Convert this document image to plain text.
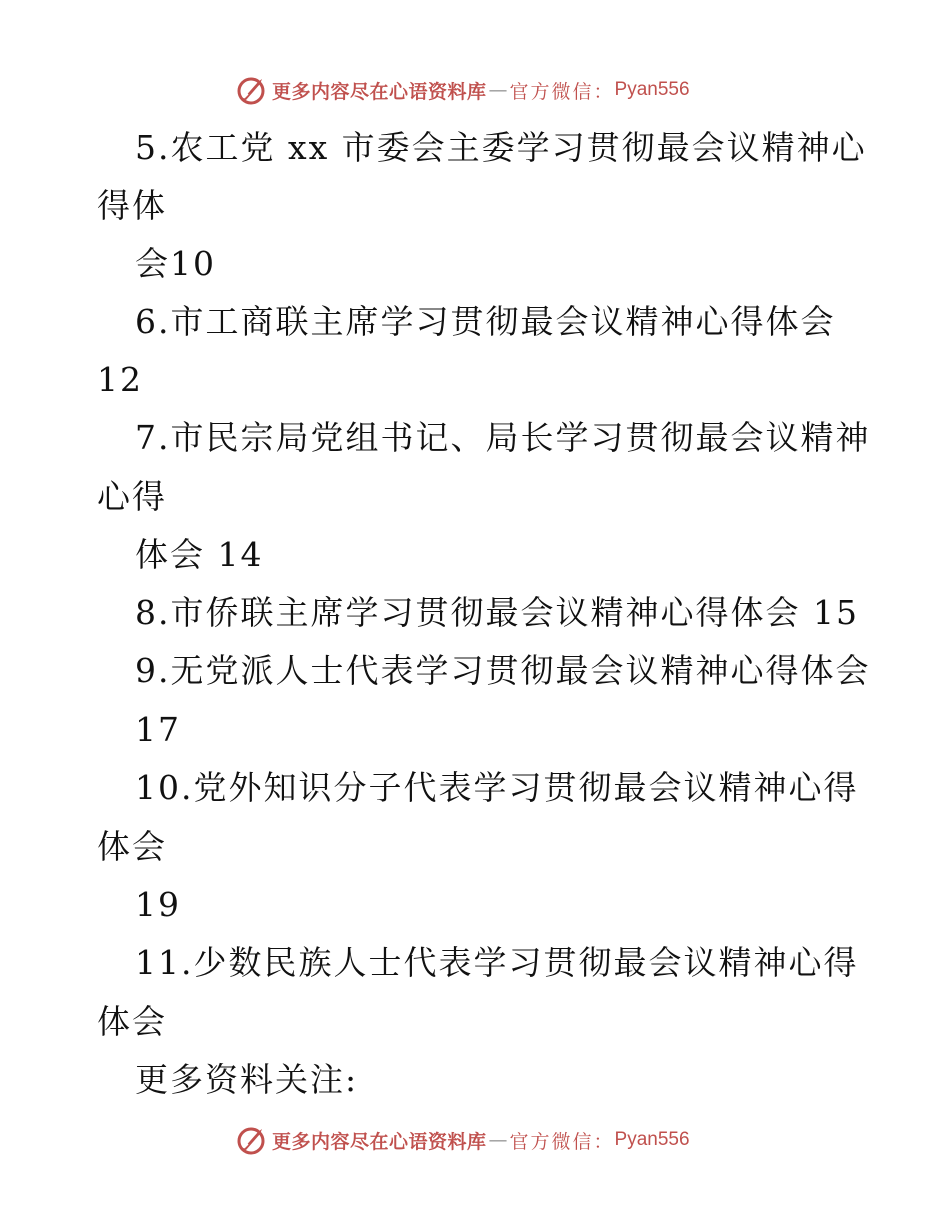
更多内容尽在心语资料库 — 官方微信： Pyan556
5.农工党 xx 市委会主委学习贯彻最会议精神心
得体
会10
6.市工商联主席学习贯彻最会议精神心得体会
12
7.市民宗局党组书记、局长学习贯彻最会议精神
心得
体会 14
8.市侨联主席学习贯彻最会议精神心得体会 15
9.无党派人士代表学习贯彻最会议精神心得体会
17
10.党外知识分子代表学习贯彻最会议精神心得
体会
19
11.少数民族人士代表学习贯彻最会议精神心得
体会
更多资料关注:
更多内容尽在心语资料库 — 官方微信： Pyan556
